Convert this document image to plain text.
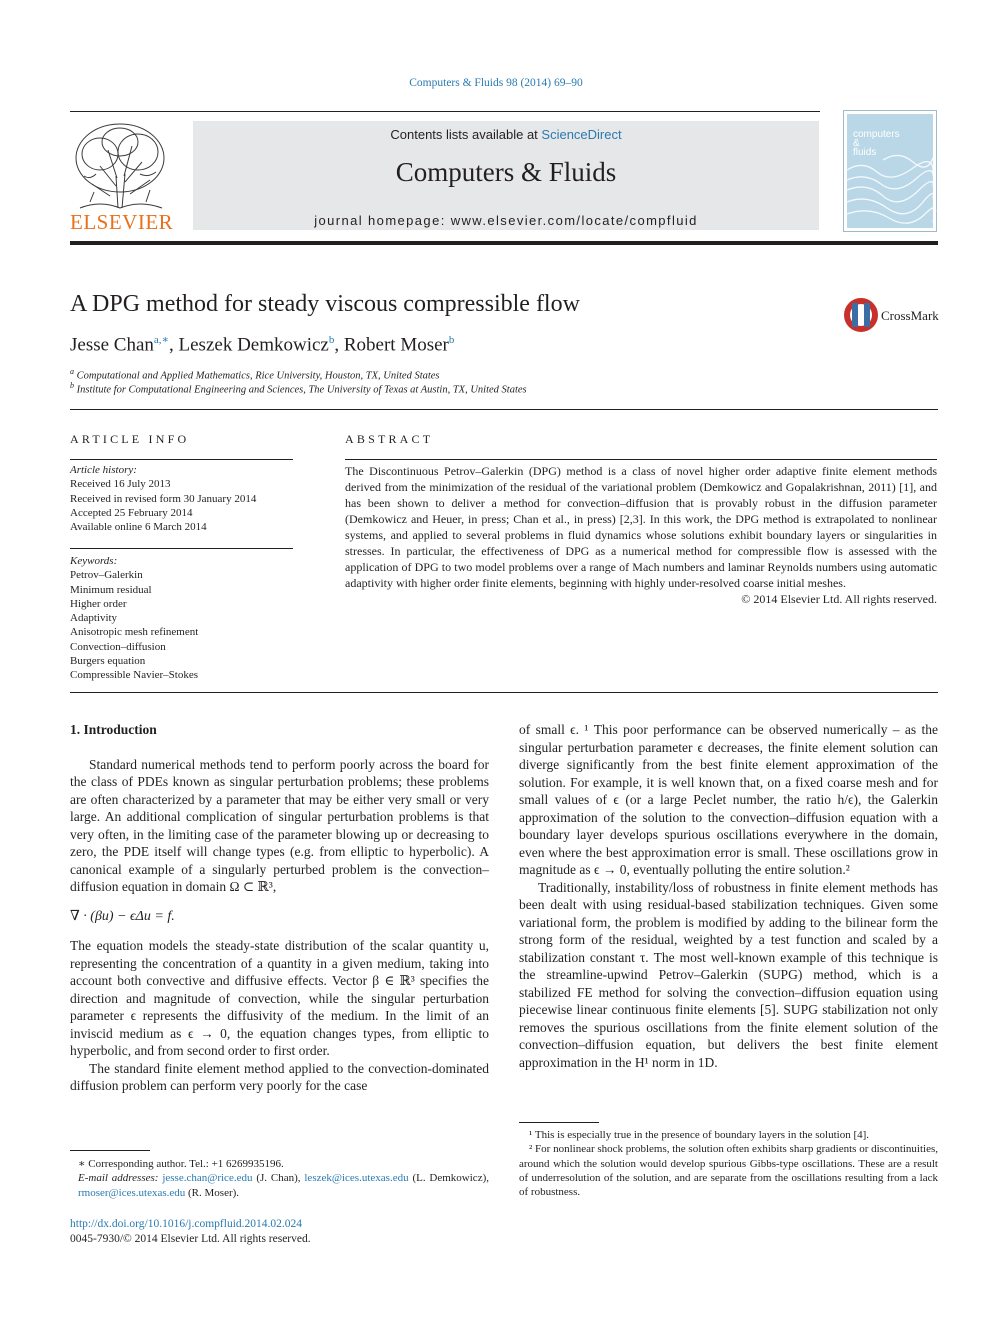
Computers & Fluids 98 (2014) 69–90
ELSEVIER
Contents lists available at ScienceDirect
Computers & Fluids
journal homepage: www.elsevier.com/locate/compfluid
computers
&
fluids
A DPG method for steady viscous compressible flow	CrossMark
Jesse Chan$^{a,∗}$, Leszek Demkowicz$^b$, Robert Moser$^b$
$^a$ Computational and Applied Mathematics, Rice University, Houston, TX, United States
$^b$ Institute for Computational Engineering and Sciences, The University of Texas at Austin, TX, United States
ARTICLE INFO
Article history:
Received 16 July 2013
Received in revised form 30 January 2014
Accepted 25 February 2014
Available online 6 March 2014
Keywords:
Petrov–Galerkin
Minimum residual
Higher order
Adaptivity
Anisotropic mesh refinement
Convection–diffusion
Burgers equation
Compressible Navier–Stokes
ABSTRACT
The Discontinuous Petrov–Galerkin (DPG) method is a class of novel higher order adaptive finite element methods derived from the minimization of the residual of the variational problem (Demkowicz and Gopalakrishnan, 2011) [1], and has been shown to deliver a method for convection–diffusion that is provably robust in the diffusion parameter (Demkowicz and Heuer, in press; Chan et al., in press) [2,3]. In this work, the DPG method is extrapolated to nonlinear systems, and applied to several problems in fluid dynamics whose solutions exhibit boundary layers or singularities in stresses. In particular, the effectiveness of DPG as a numerical method for compressible flow is assessed with the application of DPG to two model problems over a range of Mach numbers and laminar Reynolds numbers using automatic adaptivity with higher order finite elements, beginning with highly under-resolved coarse initial meshes.
© 2014 Elsevier Ltd. All rights reserved.
1. Introduction

Standard numerical methods tend to perform poorly across the board for the class of PDEs known as singular perturbation problems; these problems are often characterized by a parameter that may be either very small or very large. An additional complication of singular perturbation problems is that very often, in the limiting case of the parameter blowing up or decreasing to zero, the PDE itself will change types (e.g. from elliptic to hyperbolic). A canonical example of a singularly perturbed problem is the convection–diffusion equation in domain Ω ⊂ ℝ³,

∇ · (βu) − ϵΔu = f.

The equation models the steady-state distribution of the scalar quantity u, representing the concentration of a quantity in a given medium, taking into account both convective and diffusive effects. Vector β ∈ ℝ³ specifies the direction and magnitude of convection, while the singular perturbation parameter ϵ represents the diffusivity of the medium. In the limit of an inviscid medium as ϵ → 0, the equation changes types, from elliptic to hyperbolic, and from second order to first order.

The standard finite element method applied to the convection-dominated diffusion problem can perform very poorly for the case

∗ Corresponding author. Tel.: +1 6269935196.
E-mail addresses: jesse.chan@rice.edu (J. Chan), leszek@ices.utexas.edu (L. Demkowicz), rmoser@ices.utexas.edu (R. Moser).
http://dx.doi.org/10.1016/j.compfluid.2014.02.024
0045-7930/© 2014 Elsevier Ltd. All rights reserved.

of small ϵ. ¹ This poor performance can be observed numerically – as the singular perturbation parameter ϵ decreases, the finite element solution can diverge significantly from the best finite element approximation of the solution. For example, it is well known that, on a fixed coarse mesh and for small values of ϵ (or a large Peclet number, the ratio h/ϵ), the Galerkin approximation of the solution to the convection–diffusion equation with a boundary layer develops spurious oscillations everywhere in the domain, even where the best approximation error is small. These oscillations grow in magnitude as ϵ → 0, eventually polluting the entire solution.²

Traditionally, instability/loss of robustness in finite element methods has been dealt with using residual-based stabilization techniques. Given some variational form, the problem is modified by adding to the bilinear form the strong form of the residual, weighted by a test function and scaled by a stabilization constant τ. The most well-known example of this technique is the streamline-upwind Petrov–Galerkin (SUPG) method, which is a stabilized FE method for solving the convection–diffusion equation using piecewise linear continuous finite elements [5]. SUPG stabilization not only removes the spurious oscillations from the finite element solution of the convection–diffusion equation, but delivers the best finite element approximation in the H¹ norm in 1D.

¹ This is especially true in the presence of boundary layers in the solution [4].

² For nonlinear shock problems, the solution often exhibits sharp gradients or discontinuities, around which the solution would develop spurious Gibbs-type oscillations. These are a result of underresolution of the solution, and are separate from the oscillations resulting from a lack of robustness.
